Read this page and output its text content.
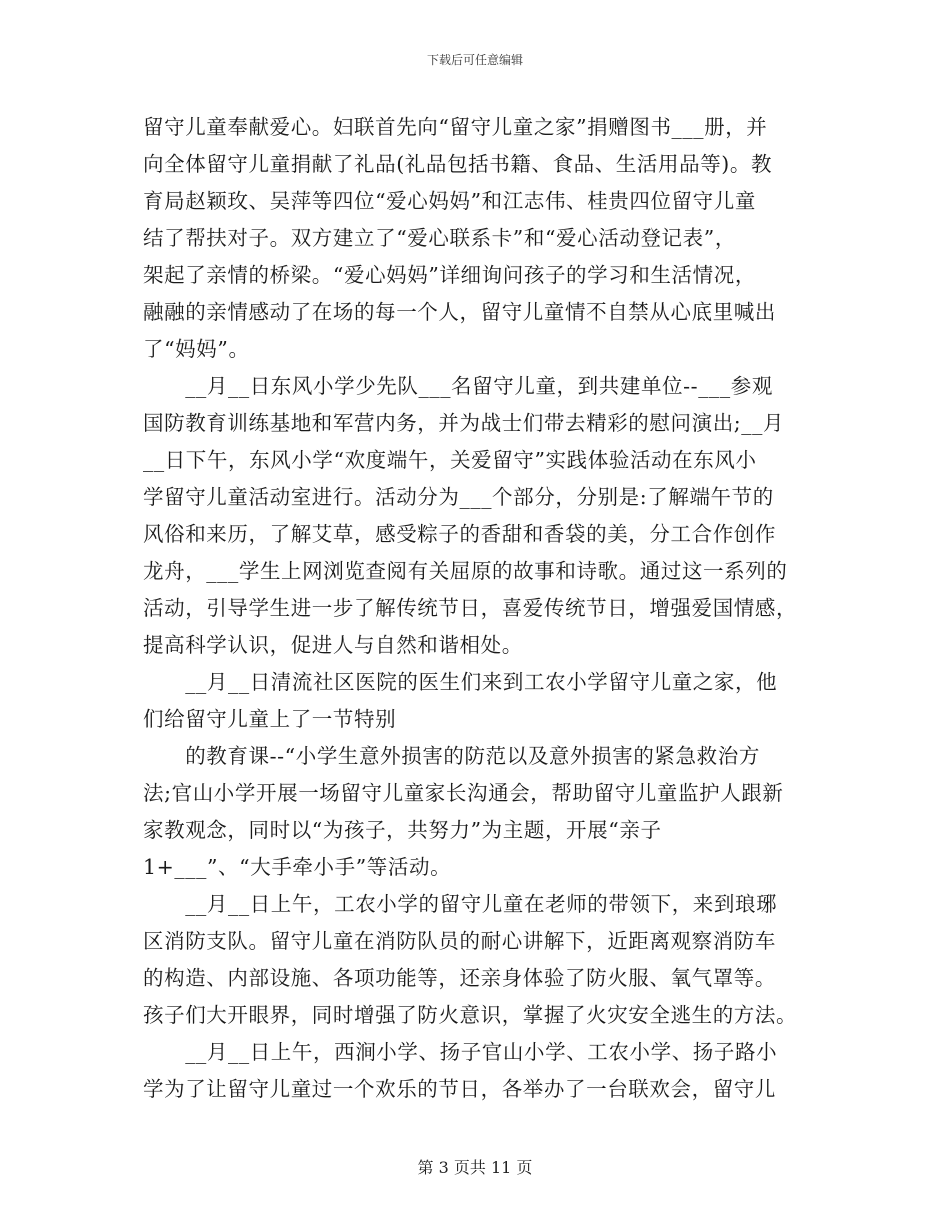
下载后可任意编辑
留守儿童奉献爱心。妇联首先向“留守儿童之家”捐赠图书___册，并
向全体留守儿童捐献了礼品(礼品包括书籍、食品、生活用品等)。教
育局赵颖玫、吴萍等四位“爱心妈妈”和江志伟、桂贵四位留守儿童
结了帮扶对子。双方建立了“爱心联系卡”和“爱心活动登记表”，
架起了亲情的桥梁。“爱心妈妈”详细询问孩子的学习和生活情况，
融融的亲情感动了在场的每一个人，留守儿童情不自禁从心底里喊出
了“妈妈”。
　　__月__日东风小学少先队___名留守儿童，到共建单位--___参观
国防教育训练基地和军营内务，并为战士们带去精彩的慰问演出;__月
__日下午，东风小学“欢度端午，关爱留守”实践体验活动在东风小
学留守儿童活动室进行。活动分为___个部分，分别是:了解端午节的
风俗和来历，了解艾草，感受粽子的香甜和香袋的美，分工合作创作
龙舟，___学生上网浏览查阅有关屈原的故事和诗歌。通过这一系列的
活动，引导学生进一步了解传统节日，喜爱传统节日，增强爱国情感，
提高科学认识，促进人与自然和谐相处。
　　__月__日清流社区医院的医生们来到工农小学留守儿童之家，他
们给留守儿童上了一节特别
　　的教育课--“小学生意外损害的防范以及意外损害的紧急救治方
法;官山小学开展一场留守儿童家长沟通会，帮助留守儿童监护人跟新
家教观念，同时以“为孩子，共努力”为主题，开展“亲子
1+___”、“大手牵小手”等活动。
　　__月__日上午，工农小学的留守儿童在老师的带领下，来到琅琊
区消防支队。留守儿童在消防队员的耐心讲解下，近距离观察消防车
的构造、内部设施、各项功能等，还亲身体验了防火服、氧气罩等。
孩子们大开眼界，同时增强了防火意识，掌握了火灾安全逃生的方法。
　　__月__日上午，西涧小学、扬子官山小学、工农小学、扬子路小
学为了让留守儿童过一个欢乐的节日，各举办了一台联欢会，留守儿
第 3 页共 11 页
